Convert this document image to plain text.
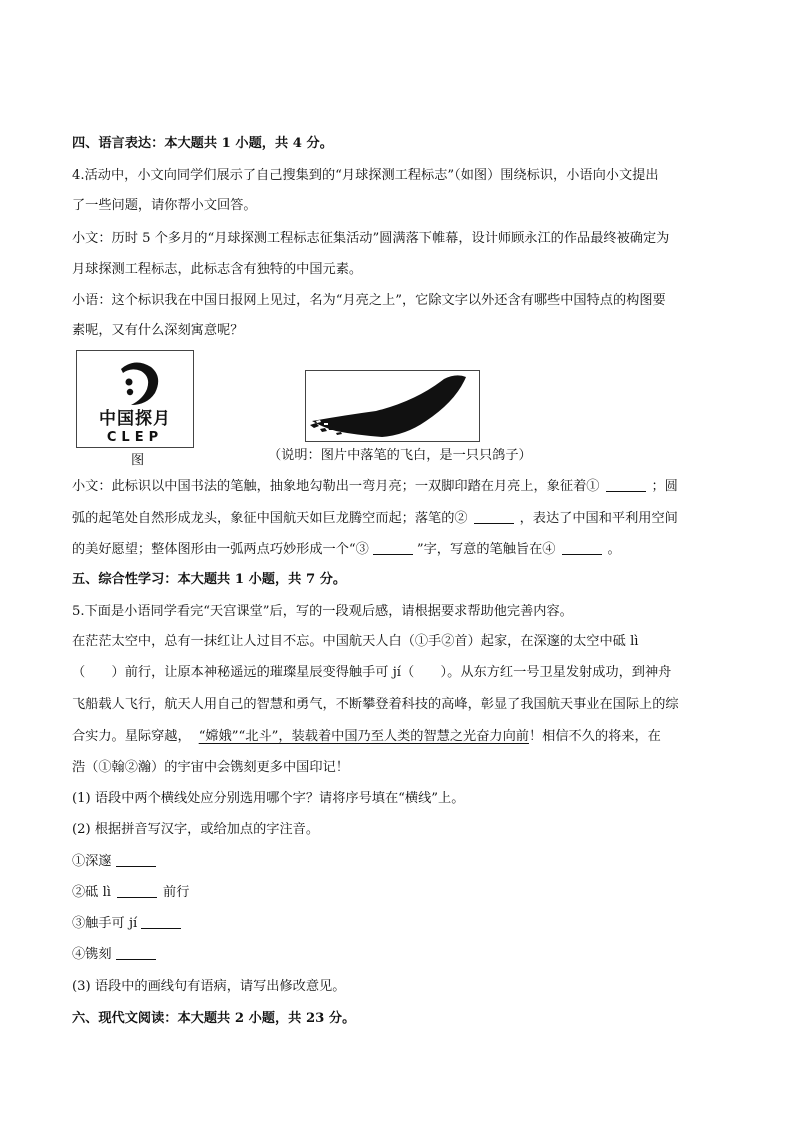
四、语言表达：本大题共 1 小题，共 4 分。
4.活动中，小文向同学们展示了自己搜集到的“月球探测工程标志”（如图）围绕标识，小语向小文提出
了一些问题，请你帮小文回答。
小文：历时 5 个多月的“月球探测工程标志征集活动”圆满落下帷幕，设计师顾永江的作品最终被确定为
月球探测工程标志，此标志含有独特的中国元素。
小语：这个标识我在中国日报网上见过，名为“月亮之上”，它除文字以外还含有哪些中国特点的构图要
素呢，又有什么深刻寓意呢？
中国探月
CLEP
图	（说明：图片中落笔的飞白，是一只只鸽子）
小文：此标识以中国书法的笔触，抽象地勾勒出一弯月亮；一双脚印踏在月亮上，象征着①	；圆
弧的起笔处自然形成龙头，象征中国航天如巨龙腾空而起；落笔的②	，表达了中国和平利用空间
的美好愿望；整体图形由一弧两点巧妙形成一个“③	”字，写意的笔触旨在④	。
五、综合性学习：本大题共 1 小题，共 7 分。
5.下面是小语同学看完“天宫课堂”后，写的一段观后感，请根据要求帮助他完善内容。
在茫茫太空中，总有一抹红让人过目不忘。中国航天人白（①手②首）起家，在深邃的太空中砥 lì
（　　）前行，让原本神秘遥远的璀璨星辰变得触手可 jí（　　）。从东方红一号卫星发射成功，到神舟
飞船载人飞行，航天人用自己的智慧和勇气，不断攀登着科技的高峰，彰显了我国航天事业在国际上的综
合实力。星际穿越， “嫦娥”“北斗”，装载着中国乃至人类的智慧之光奋力向前！相信不久的将来，在
浩（①翰②瀚）的宇宙中会镌刻更多中国印记！
(1) 语段中两个横线处应分别选用哪个字？请将序号填在“横线”上。
(2) 根据拼音写汉字，或给加点的字注音。
①深邃
②砥 lì	前行
③触手可 jí
④镌刻
(3) 语段中的画线句有语病，请写出修改意见。
六、现代文阅读：本大题共 2 小题，共 23 分。
